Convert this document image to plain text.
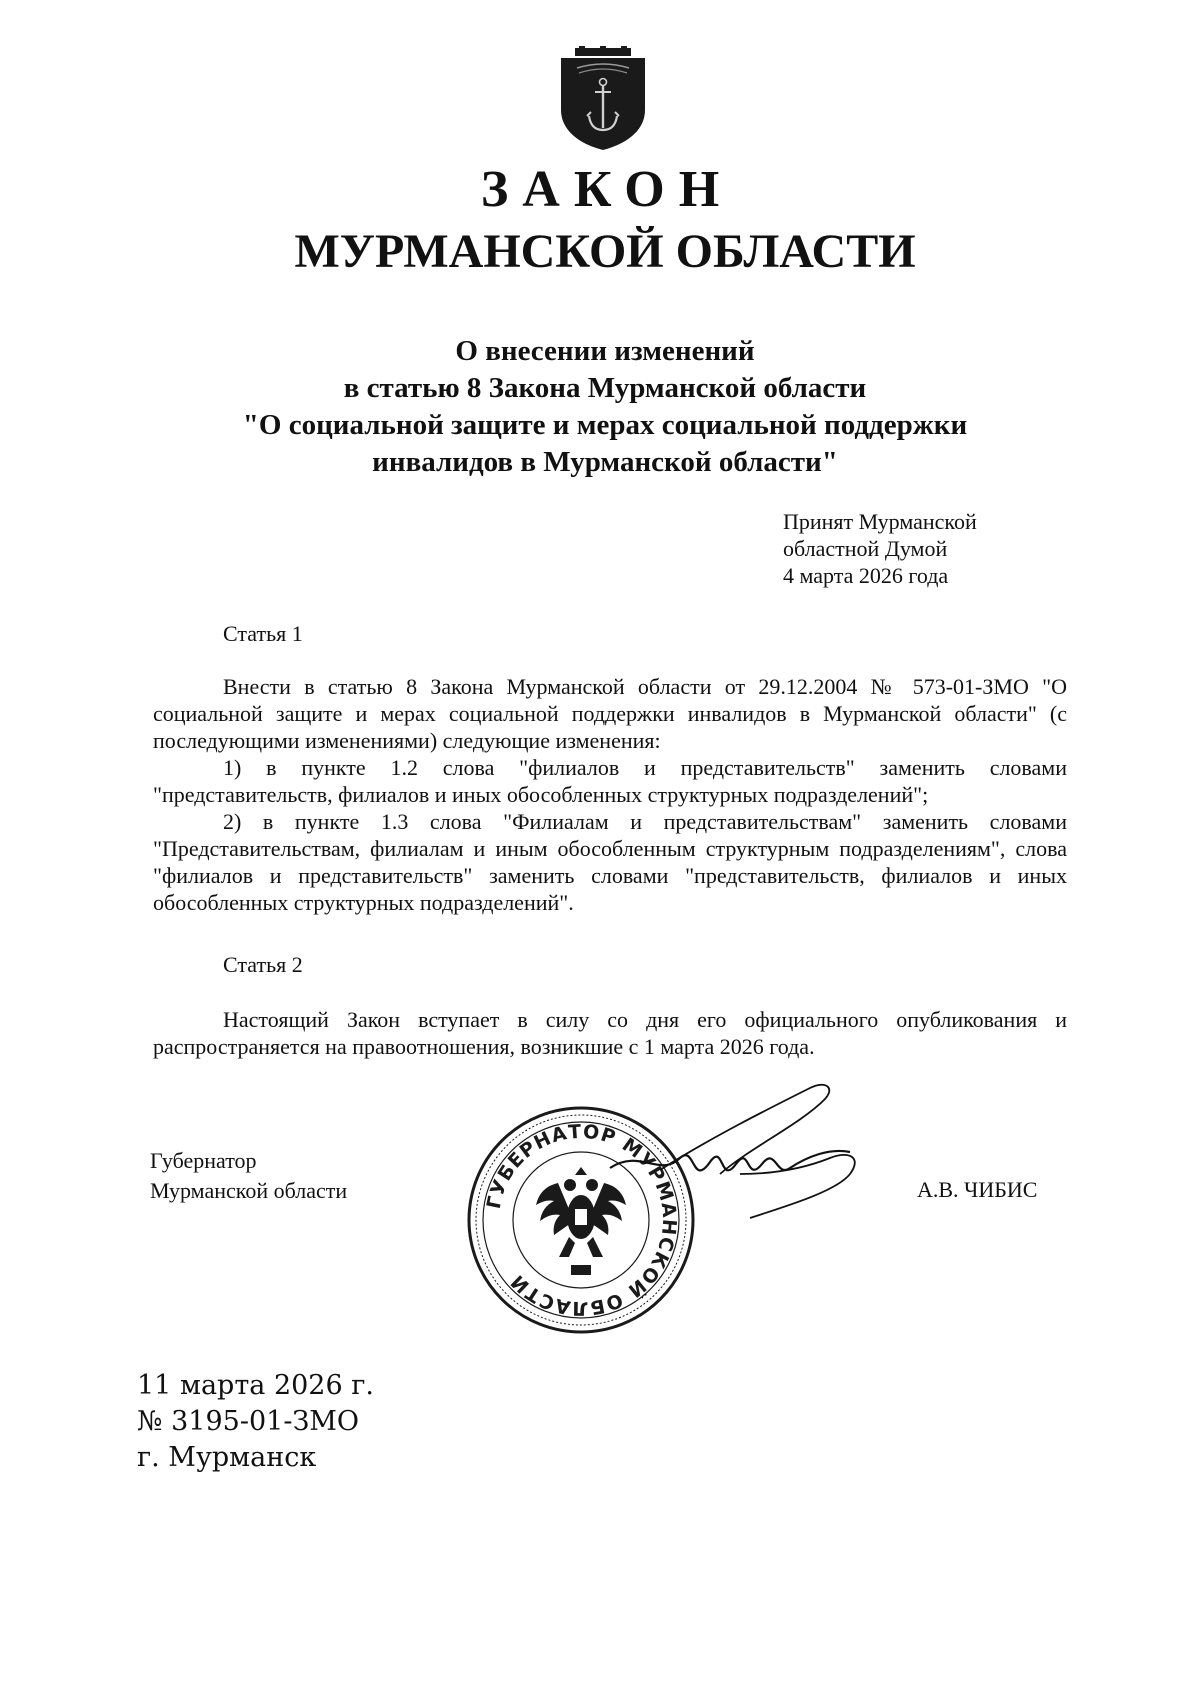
ЗАКОН
МУРМАНСКОЙ ОБЛАСТИ
О внесении изменений
в статью 8 Закона Мурманской области
"О социальной защите и мерах социальной поддержки
инвалидов в Мурманской области"
Принят Мурманской
областной Думой
4 марта 2026 года
Статья 1

Внести в статью 8 Закона Мурманской области от 29.12.2004 № 573-01-ЗМО "О социальной защите и мерах социальной поддержки инвалидов в Мурманской области" (с последующими изменениями) следующие изменения:

1) в пункте 1.2 слова "филиалов и представительств" заменить словами "представительств, филиалов и иных обособленных структурных подразделений";

2) в пункте 1.3 слова "Филиалам и представительствам" заменить словами "Представительствам, филиалам и иным обособленным структурным подразделениям", слова "филиалов и представительств" заменить словами "представительств, филиалов и иных обособленных структурных подразделений".

Статья 2

Настоящий Закон вступает в силу со дня его официального опубликования и распространяется на правоотношения, возникшие с 1 марта 2026 года.

Губернатор
Мурманской области	ГУБЕРНАТОР МУРМАНСКОЙ ОБЛАСТИ
А.В. ЧИБИС
11 марта 2026 г.
№ 3195-01-ЗМО
г. Мурманск
